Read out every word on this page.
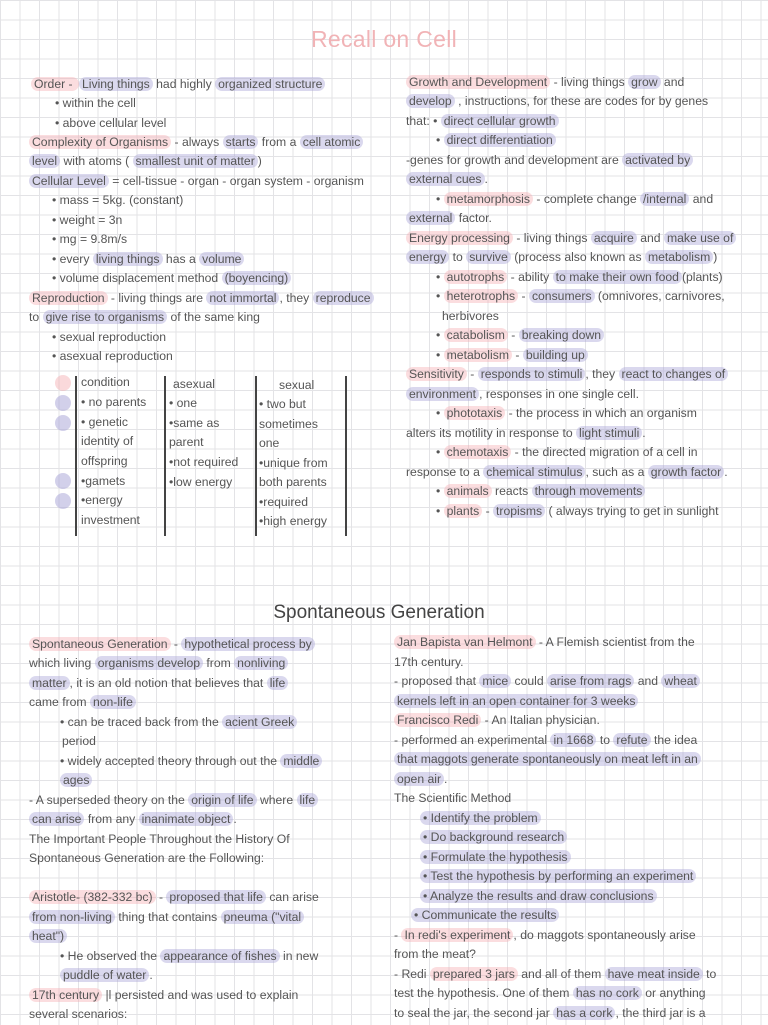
Recall on Cell
Order - Living things had highly organized structure
• within the cell
• above cellular level
Complexity of Organisms - always starts from a cell atomic
level with atoms ( smallest unit of matter )
Cellular Level = cell-tissue - organ - organ system - organism
• mass = 5kg. (constant)
• weight = 3n
• mg = 9.8m/s
• every living things has a volume
• volume displacement method (boyencing)
Reproduction - living things are not immortal , they reproduce
to give rise to organisms of the same king
• sexual reproduction
• asexual reproduction
condition
• no parents
• genetic
identity of
offspring
•gamets
•energy
investment
asexual
• one
•same as
parent
•not required
•low energy
sexual
• two but
sometimes
one
•unique from
both parents
•required
•high energy
Growth and Development - living things grow and
develop , instructions, for these are codes for by genes
that: • direct cellular growth
• direct differentiation
-genes for growth and development are activated by
external cues .
• metamorphosis - complete change /internal and
external factor.
Energy processing - living things acquire and make use of
energy to survive (process also known as metabolism )
• autotrophs - ability to make their own food (plants)
• heterotrophs - consumers (omnivores, carnivores,
herbivores
• catabolism - breaking down
• metabolism - building up
Sensitivity - responds to stimuli , they react to changes of
environment , responses in one single cell.
• phototaxis - the process in which an organism
alters its motility in response to light stimuli .
• chemotaxis - the directed migration of a cell in
response to a chemical stimulus , such as a growth factor .
• animals reacts through movements
• plants - tropisms ( always trying to get in sunlight
Spontaneous Generation
Spontaneous Generation - hypothetical process by
which living organisms develop from nonliving
matter , it is an old notion that believes that life
came from non-life
• can be traced back from the acient Greek
period
• widely accepted theory through out the middle
ages
- A superseded theory on the origin of life where life
can arise from any inanimate object .
The Important People Throughout the History Of
Spontaneous Generation are the Following:
Aristotle- (382-332 bc) - proposed that life can arise
from non-living thing that contains pneuma ("vital
heat")
• He observed the appearance of fishes in new
puddle of water .
17th century |l persisted and was used to explain
several scenarios:
Jan Bapista van Helmont - A Flemish scientist from the
17th century.
- proposed that mice could arise from rags and wheat
kernels left in an open container for 3 weeks
Francisco Redi - An Italian physician.
- performed an experimental in 1668 to refute the idea
that maggots generate spontaneously on meat left in an
open air .
The Scientific Method
• Identify the problem
• Do background research
• Formulate the hypothesis
• Test the hypothesis by performing an experiment
• Analyze the results and draw conclusions
• Communicate the results
- In redi's experiment , do maggots spontaneously arise
from the meat?
- Redi prepared 3 jars and all of them have meat inside to
test the hypothesis. One of them has no cork or anything
to seal the jar, the second jar has a cork , the third jar is a
